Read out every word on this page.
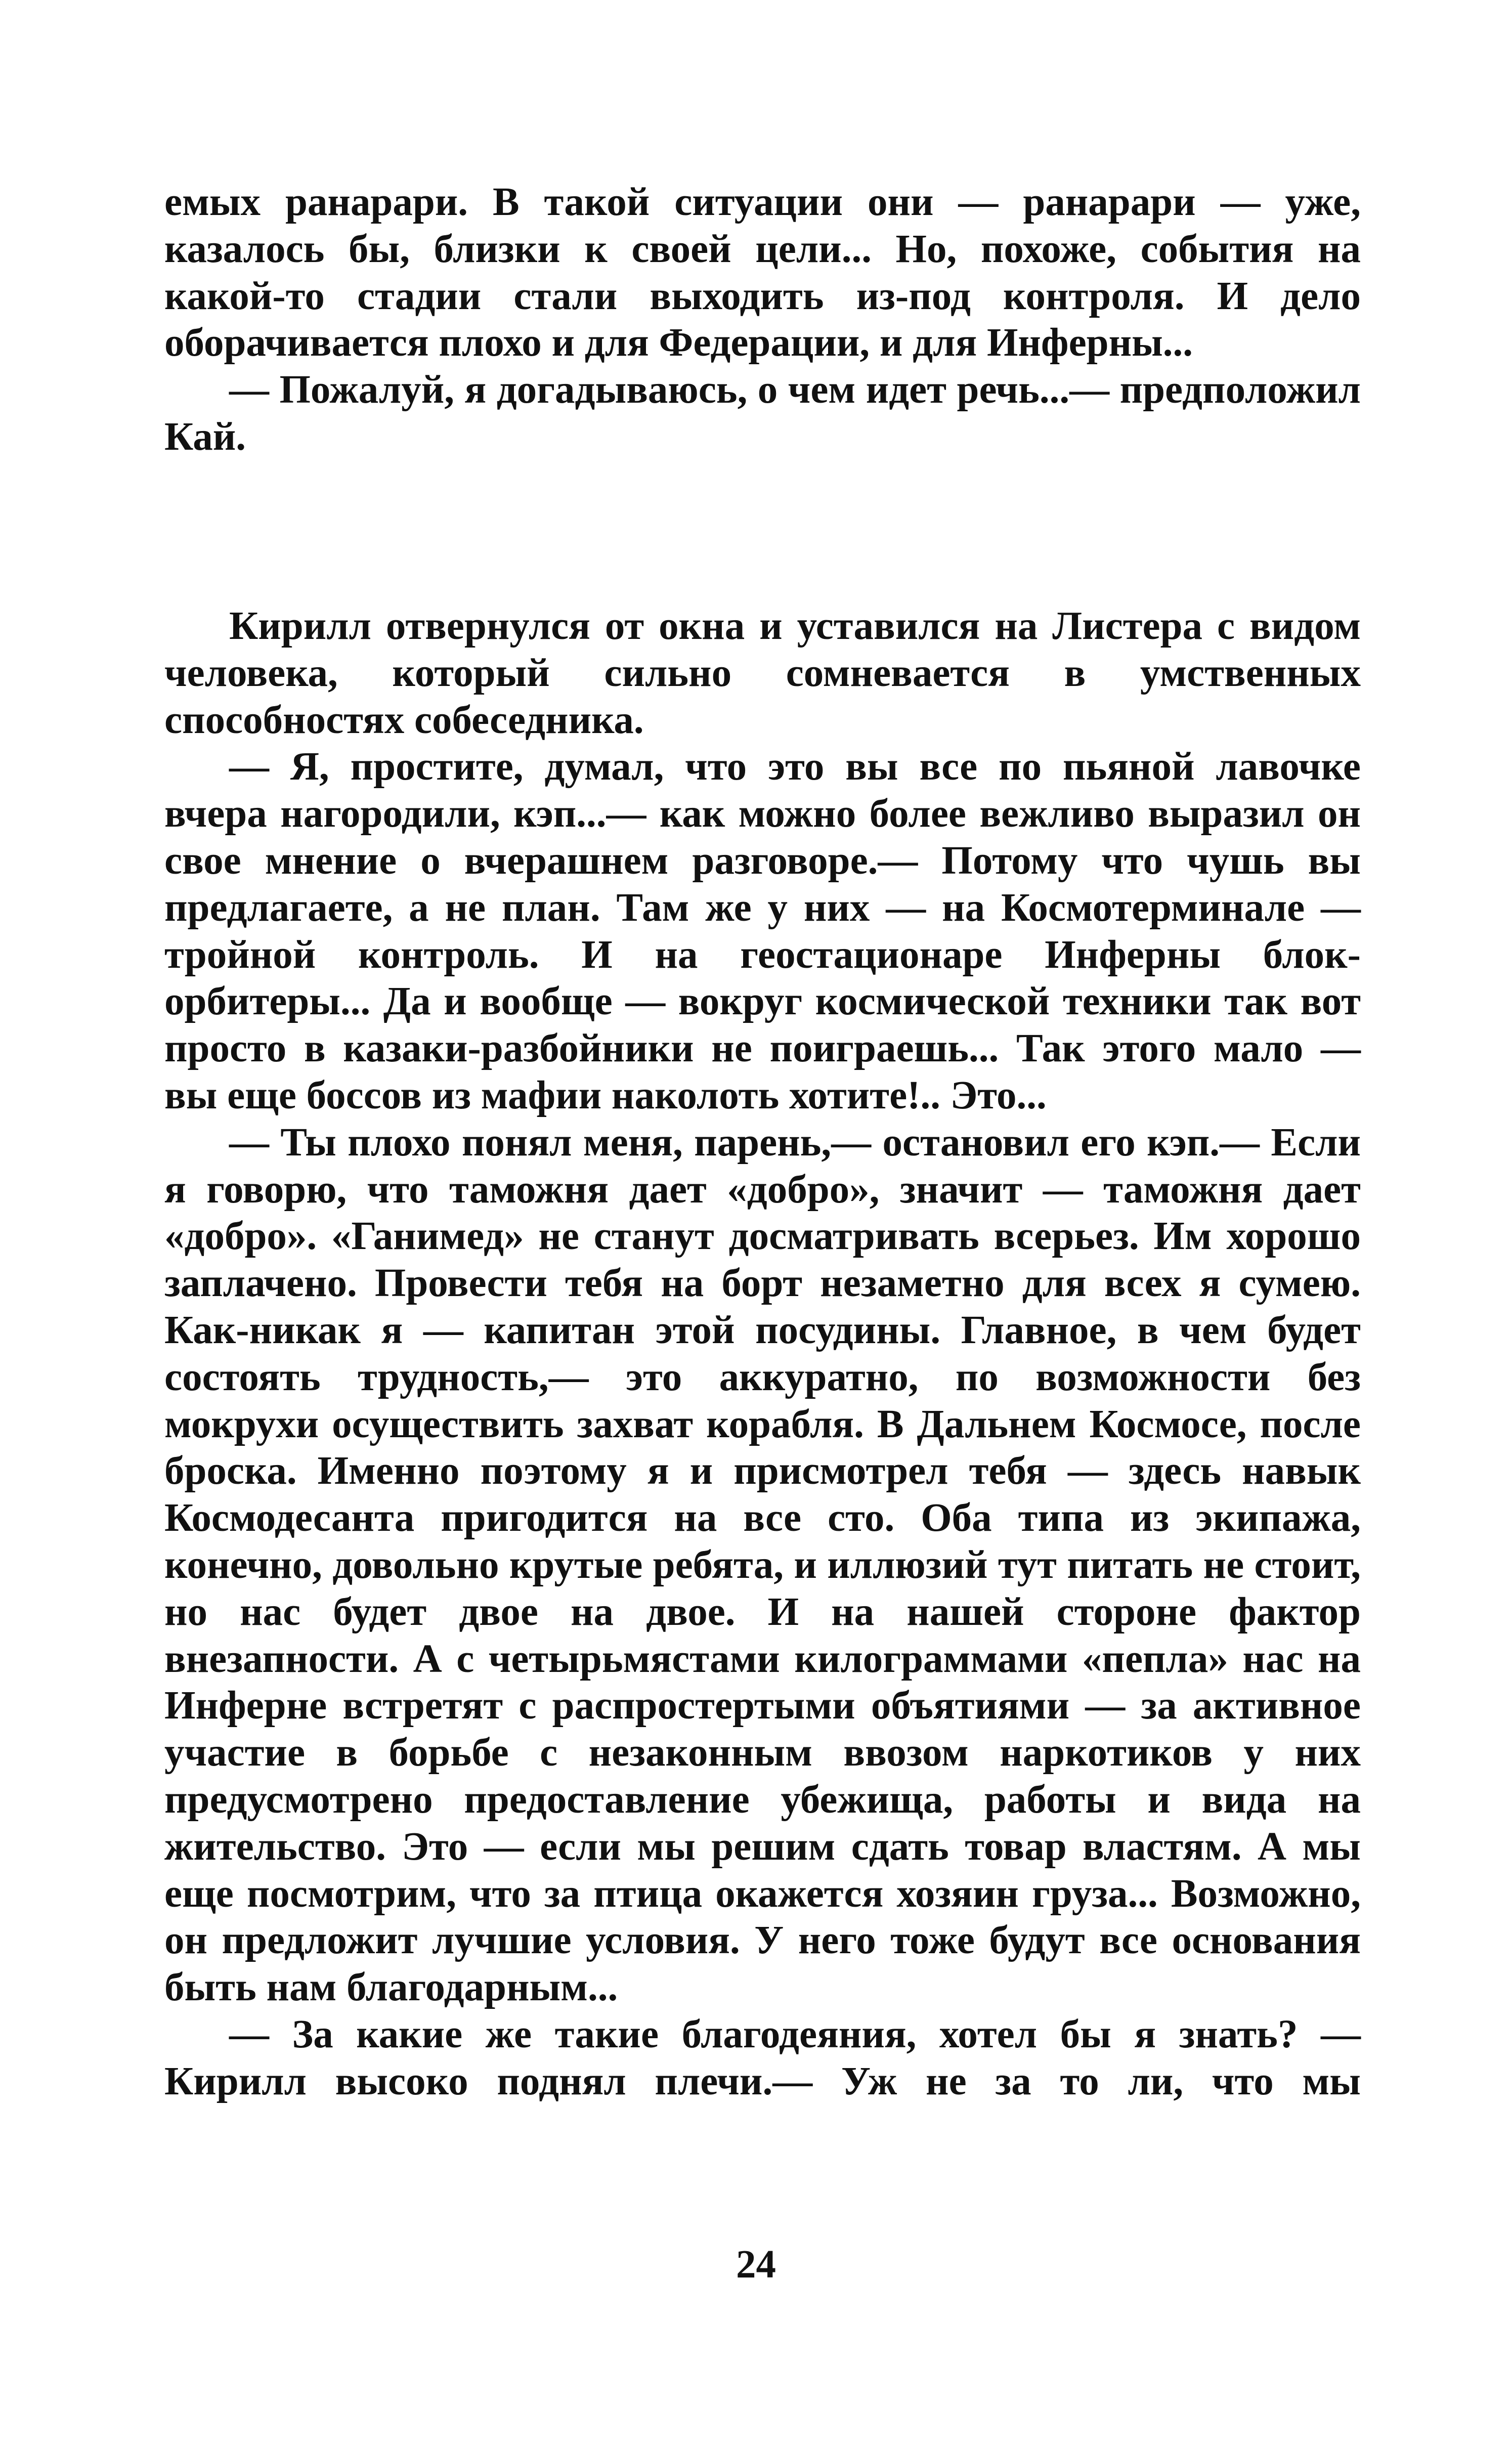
емых ранарари. В такой ситуации они — ранарари — уже, казалось бы, близки к своей цели... Но, похоже, события на какой-то стадии стали выходить из-под контроля. И дело оборачивается плохо и для Федерации, и для Инферны...

— Пожалуй, я догадываюсь, о чем идет речь...— предположил Кай.

Кирилл отвернулся от окна и уставился на Листера с видом человека, который сильно сомневается в умственных способностях собеседника.

— Я, простите, думал, что это вы все по пьяной лавочке вчера нагородили, кэп...— как можно более вежливо выразил он свое мнение о вчерашнем разговоре.— Потому что чушь вы предлагаете, а не план. Там же у них — на Космотерминале — тройной контроль. И на геостационаре Инферны блок-орбитеры... Да и вообще — вокруг космической техники так вот просто в казаки-разбойники не поиграешь... Так этого мало — вы еще боссов из мафии наколоть хотите!.. Это...

— Ты плохо понял меня, парень,— остановил его кэп.— Если я говорю, что таможня дает «добро», значит — таможня дает «добро». «Ганимед» не станут досматривать всерьез. Им хорошо заплачено. Провести тебя на борт незаметно для всех я сумею. Как-никак я — капитан этой посудины. Главное, в чем будет состоять трудность,— это аккуратно, по возможности без мокрухи осуществить захват корабля. В Дальнем Космосе, после броска. Именно поэтому я и присмотрел тебя — здесь навык Космодесанта пригодится на все сто. Оба типа из экипажа, конечно, довольно крутые ребята, и иллюзий тут питать не стоит, но нас будет двое на двое. И на нашей стороне фактор внезапности. А с четырьмястами килограммами «пепла» нас на Инферне встретят с распростертыми объятиями — за активное участие в борьбе с незаконным ввозом наркотиков у них предусмотрено предоставление убежища, работы и вида на жительство. Это — если мы решим сдать товар властям. А мы еще посмотрим, что за птица окажется хозяин груза... Возможно, он предложит лучшие условия. У него тоже будут все основания быть нам благодарным...

— За какие же такие благодеяния, хотел бы я знать? — Кирилл высоко поднял плечи.— Уж не за то ли, что мы

24
